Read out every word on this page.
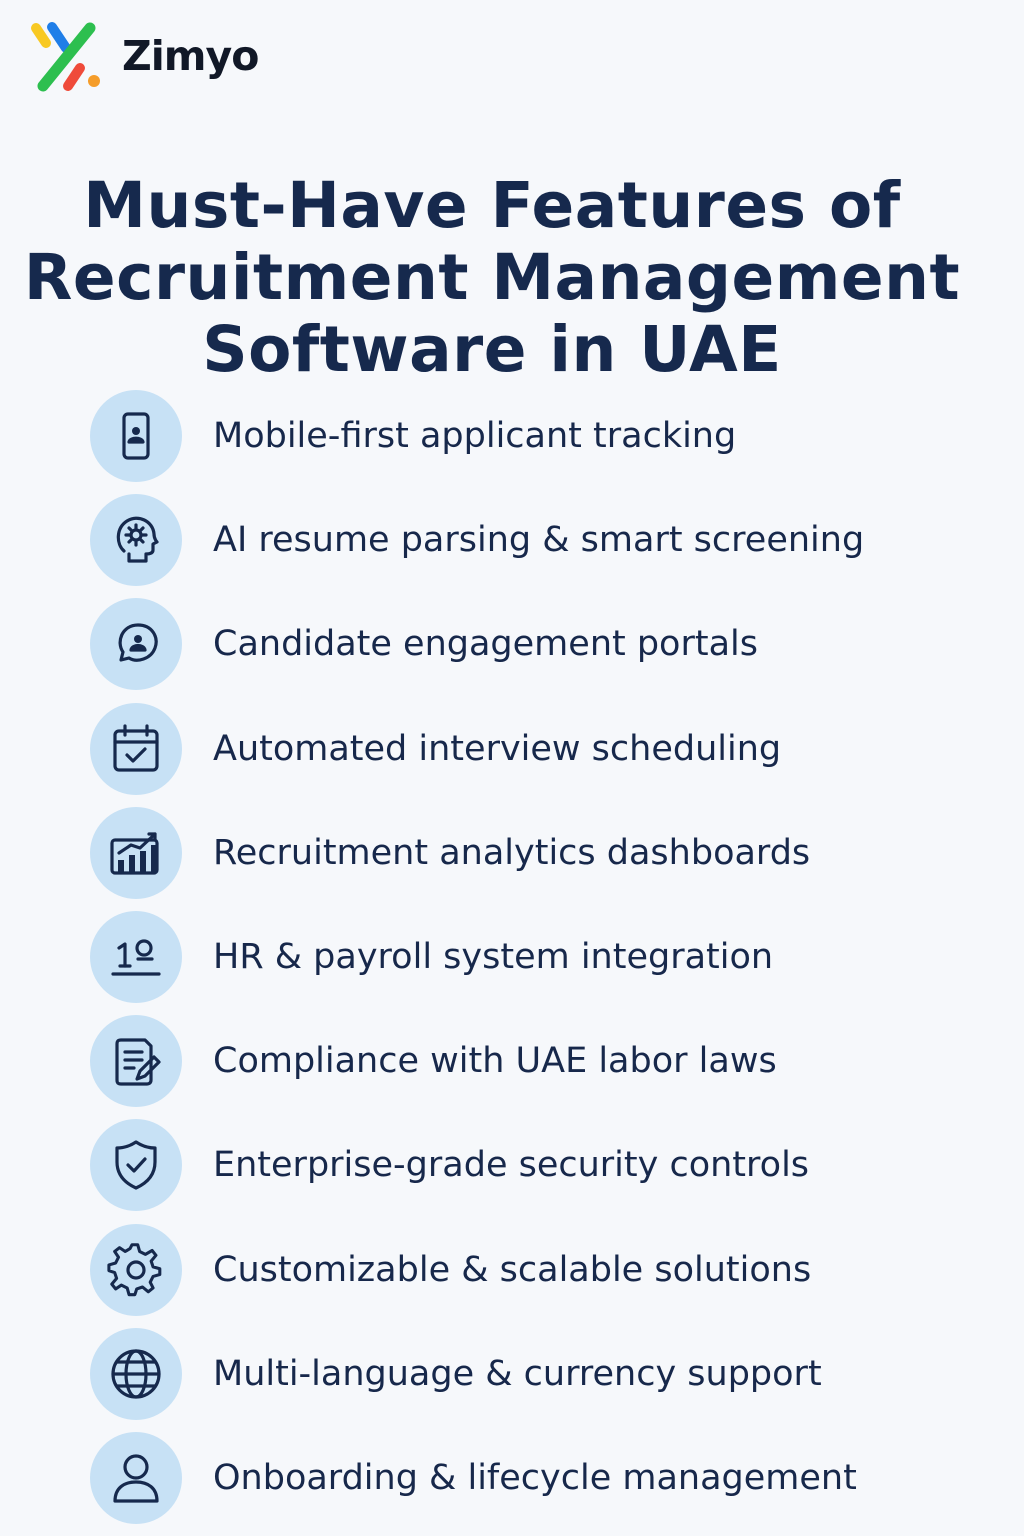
Zimyo
Must-Have Features of
Recruitment Management
Software in UAE
Mobile-first applicant tracking
AI resume parsing & smart screening
Candidate engagement portals
Automated interview scheduling
Recruitment analytics dashboards
HR & payroll system integration
Compliance with UAE labor laws
Enterprise-grade security controls
Customizable & scalable solutions
Multi-language & currency support
Onboarding & lifecycle management
